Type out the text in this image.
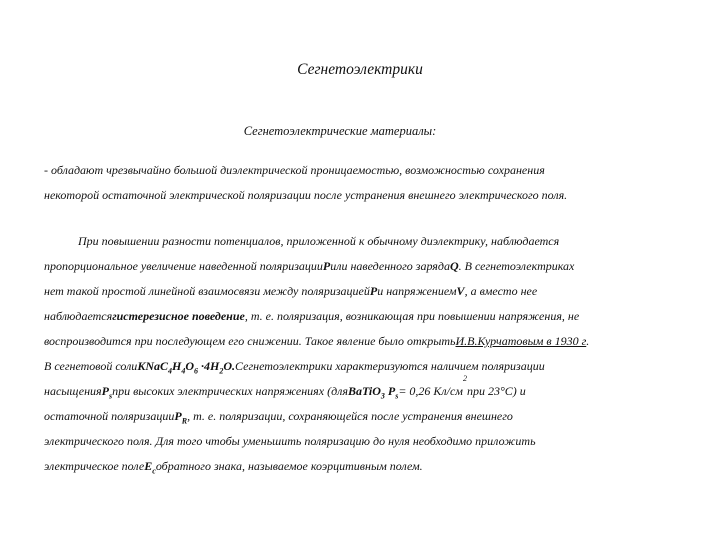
Сегнетоэлектрики
Сегнетоэлектрические материалы:
- обладают чрезвычайно большой диэлектрической проницаемостью, возможностью сохранения
некоторой остаточной электрической поляризации после устранения внешнего электрического поля.
При повышении разности потенциалов, приложенной к обычному диэлектрику, наблюдается
пропорциональное увеличение наведенной поляризации P или наведенного заряда Q . В сегнетоэлектриках
нет такой простой линейной взаимосвязи между поляризацией P и напряжением V , а вместо нее
наблюдается гистерезисное поведение , т. е. поляризация, возникающая при повышении напряжения, не
воспроизводится при последующем его снижении. Такое явление было открыть И.В.Курчатовым в 1930 г .
В сегнетовой соли $KNaC_4H_4O_6 \cdot 4H_2O$. Сегнетоэлектрики характеризуются наличием поляризации
насыщения $P_s$ при высоких электрических напряжениях (для BaTiO$_3$
$P_s = 0,26$ Кл/см
2
при 23°С) и
остаточной поляризации $P_R$ , т. е. поляризации, сохраняющейся после устранения внешнего
электрического поля. Для того чтобы уменьшить поляризацию до нуля необходимо приложить
электрическое поле $E_c$ обратного знака, называемое коэрцитивным полем.
